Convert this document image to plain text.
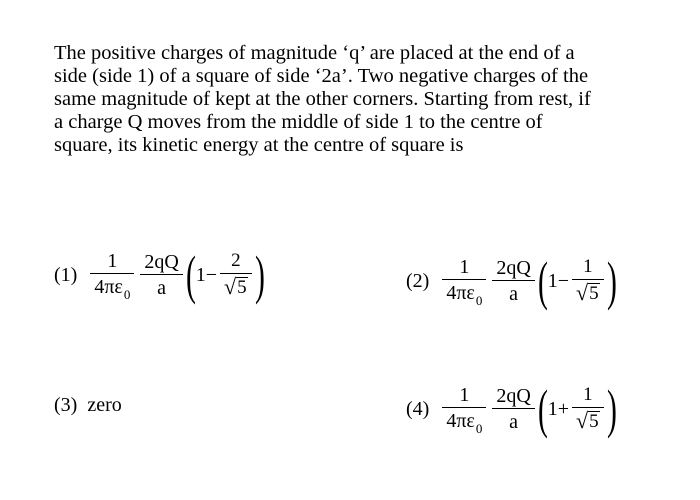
The positive charges of magnitude ‘q’ are placed at the end of a
side (side 1) of a square of side ‘2a’. Two negative charges of the
same magnitude of kept at the other corners. Starting from rest, if
a charge Q moves from the middle of side 1 to the centre of
square, its kinetic energy at the centre of square is
$(1) \frac{1}{4\pi\varepsilon_0} \frac{2qQ}{a}$ ( $1 - \frac{2}{√ 5}$ )	$(2) \frac{1}{4\pi\varepsilon_0} \frac{2qQ}{a}$ ( $1 - \frac{1}{√ 5}$ )
(3) zero	$(4) \frac{1}{4\pi\varepsilon_0} \frac{2qQ}{a}$ ( $1 + \frac{1}{√ 5}$ )
